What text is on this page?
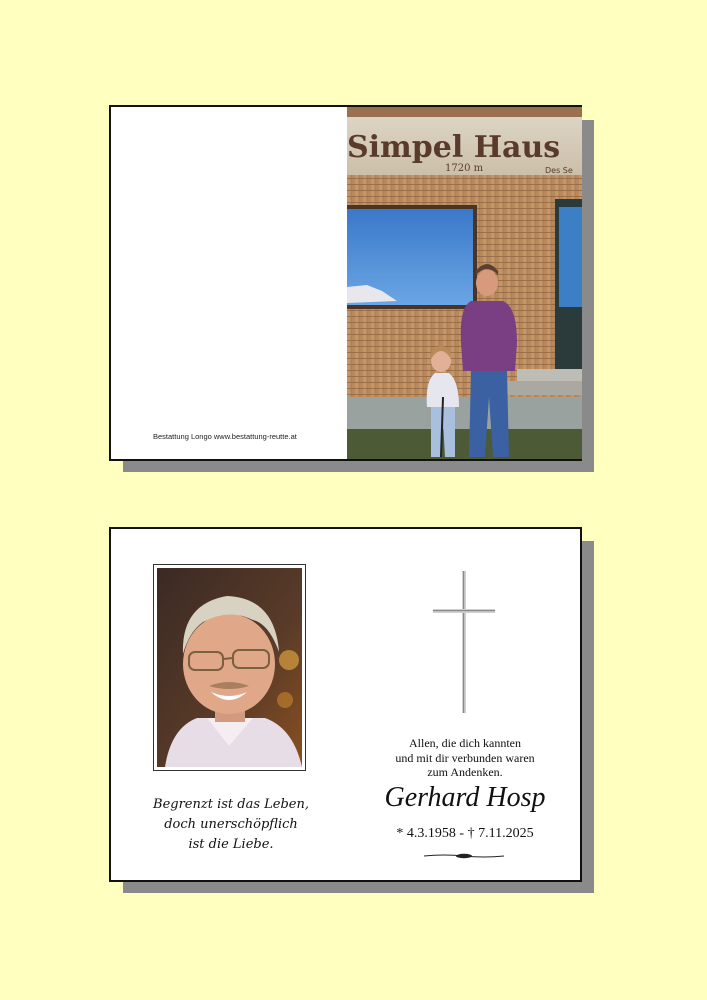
Bestattung Longo www.bestattung-reutte.at
Simpel Haus
1720 m	Des Se
Begrenzt ist das Leben,
doch unerschöpflich
ist die Liebe.
Allen, die dich kannten
und mit dir verbunden waren
zum Andenken.
Gerhard Hosp
* 4.3.1958 - † 7.11.2025
